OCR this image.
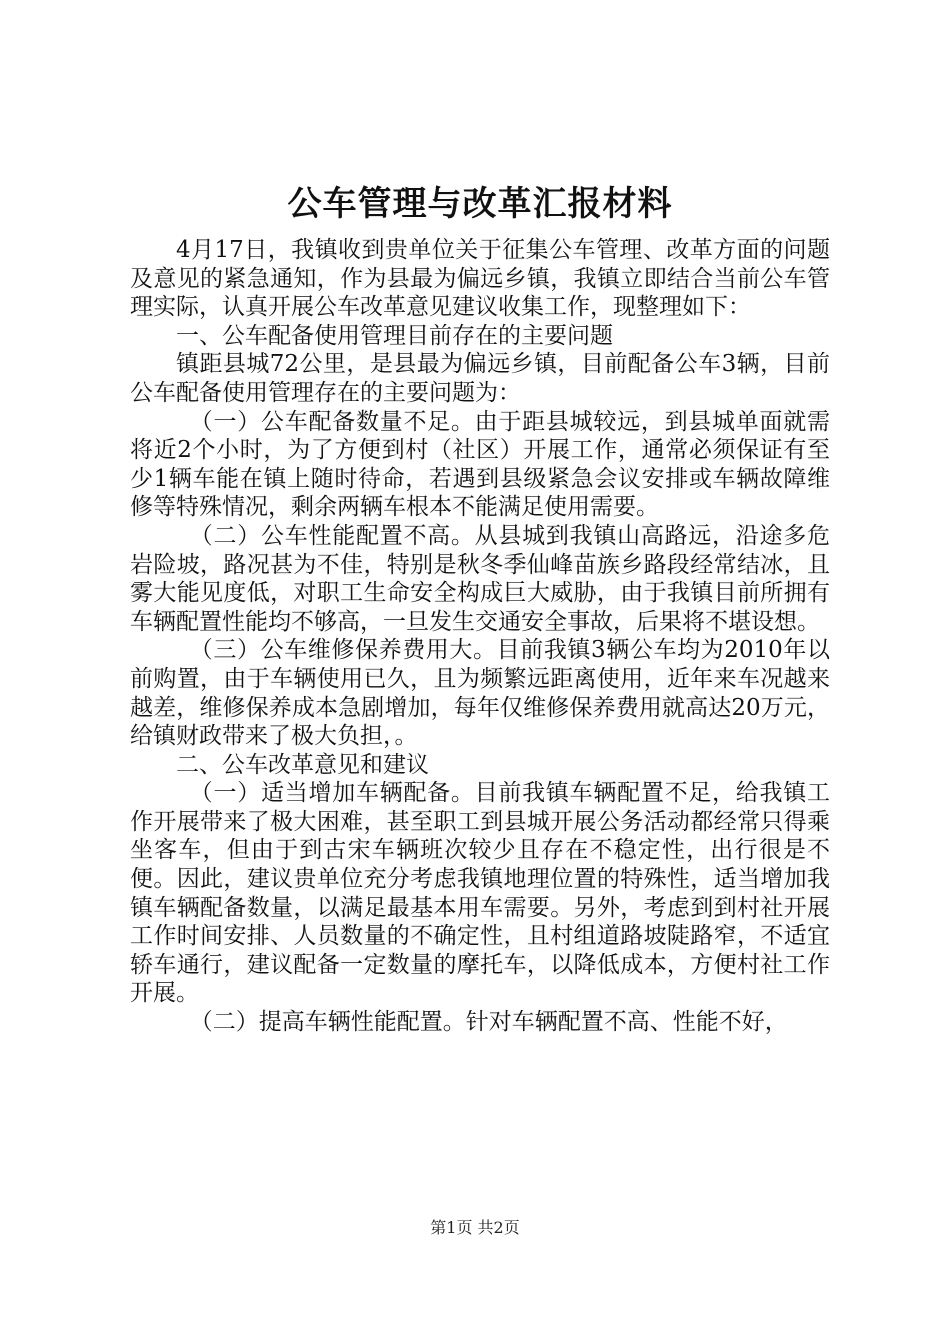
公车管理与改革汇报材料

4月17日，我镇收到贵单位关于征集公车管理、改革方面的问题及意见的紧急通知，作为县最为偏远乡镇，我镇立即结合当前公车管理实际，认真开展公车改革意见建议收集工作，现整理如下：

一、公车配备使用管理目前存在的主要问题

镇距县城72公里，是县最为偏远乡镇，目前配备公车3辆，目前公车配备使用管理存在的主要问题为：

（一）公车配备数量不足。由于距县城较远，到县城单面就需将近2个小时，为了方便到村（社区）开展工作，通常必须保证有至少1辆车能在镇上随时待命，若遇到县级紧急会议安排或车辆故障维修等特殊情况，剩余两辆车根本不能满足使用需要。

（二）公车性能配置不高。从县城到我镇山高路远，沿途多危岩险坡，路况甚为不佳，特别是秋冬季仙峰苗族乡路段经常结冰，且雾大能见度低，对职工生命安全构成巨大威胁，由于我镇目前所拥有车辆配置性能均不够高，一旦发生交通安全事故，后果将不堪设想。

（三）公车维修保养费用大。目前我镇3辆公车均为2010年以前购置，由于车辆使用已久，且为频繁远距离使用，近年来车况越来越差，维修保养成本急剧增加，每年仅维修保养费用就高达20万元，给镇财政带来了极大负担，。

二、公车改革意见和建议

（一）适当增加车辆配备。目前我镇车辆配置不足，给我镇工作开展带来了极大困难，甚至职工到县城开展公务活动都经常只得乘坐客车，但由于到古宋车辆班次较少且存在不稳定性，出行很是不便。因此，建议贵单位充分考虑我镇地理位置的特殊性，适当增加我镇车辆配备数量，以满足最基本用车需要。另外，考虑到到村社开展工作时间安排、人员数量的不确定性，且村组道路坡陡路窄，不适宜轿车通行，建议配备一定数量的摩托车，以降低成本，方便村社工作开展。

（二）提高车辆性能配置。针对车辆配置不高、性能不好，

第1页 共2页
